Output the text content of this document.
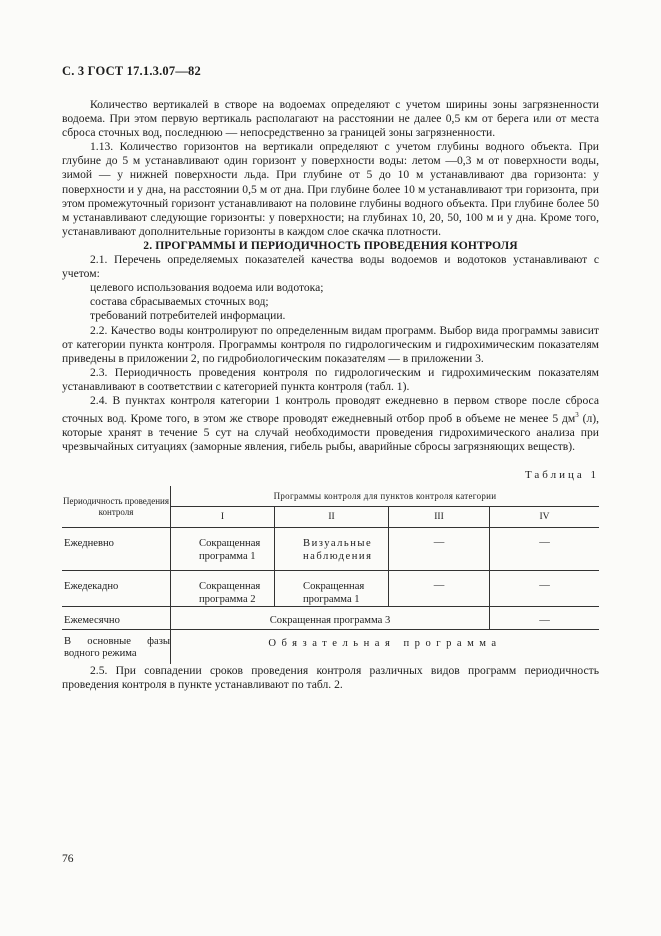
С. 3 ГОСТ 17.1.3.07—82

Количество вертикалей в створе на водоемах определяют с учетом ширины зоны загрязненности водоема. При этом первую вертикаль располагают на расстоянии не далее 0,5 км от берега или от места сброса сточных вод, последнюю — непосредственно за границей зоны загрязненности.

1.13. Количество горизонтов на вертикали определяют с учетом глубины водного объекта. При глубине до 5 м устанавливают один горизонт у поверхности воды: летом —0,3 м от поверхности воды, зимой — у нижней поверхности льда. При глубине от 5 до 10 м устанавливают два горизонта: у поверхности и у дна, на расстоянии 0,5 м от дна. При глубине более 10 м устанавливают три горизонта, при этом промежуточный горизонт устанавливают на половине глубины водного объекта. При глубине более 50 м устанавливают следующие горизонты: у поверхности; на глубинах 10, 20, 50, 100 м и у дна. Кроме того, устанавливают дополнительные горизонты в каждом слое скачка плотности.

2. ПРОГРАММЫ И ПЕРИОДИЧНОСТЬ ПРОВЕДЕНИЯ КОНТРОЛЯ

2.1. Перечень определяемых показателей качества воды водоемов и водотоков устанавливают с учетом:

целевого использования водоема или водотока;

состава сбрасываемых сточных вод;

требований потребителей информации.

2.2. Качество воды контролируют по определенным видам программ. Выбор вида программы зависит от категории пункта контроля. Программы контроля по гидрологическим и гидрохимическим показателям приведены в приложении 2, по гидробиологическим показателям — в приложении 3.

2.3. Периодичность проведения контроля по гидрологическим и гидрохимическим показателям устанавливают в соответствии с категорией пункта контроля (табл. 1).

2.4. В пунктах контроля категории 1 контроль проводят ежедневно в первом створе после сброса сточных вод. Кроме того, в этом же створе проводят ежедневный отбор проб в объеме не менее 5 $дм^3$ (л), которые хранят в течение 5 сут на случай необходимости проведения гидрохимического анализа при чрезвычайных ситуациях (заморные явления, гибель рыбы, аварийные сбросы загрязняющих веществ).

Таблица 1
Периодичность проведения контроля	Программы контроля для пунктов контроля категории			
	I	II	III	IV
Ежедневно	Сокращенная программа 1	Визуальные наблюдения	—	—
Ежедекадно	Сокращенная программа 2	Сокращенная программа 1	—	—
Ежемесячно	Сокращенная программа 3			—
В основные фазы водного режима	Обязательная программа			

2.5. При совпадении сроков проведения контроля различных видов программ периодичность проведения контроля в пункте устанавливают по табл. 2.

76
